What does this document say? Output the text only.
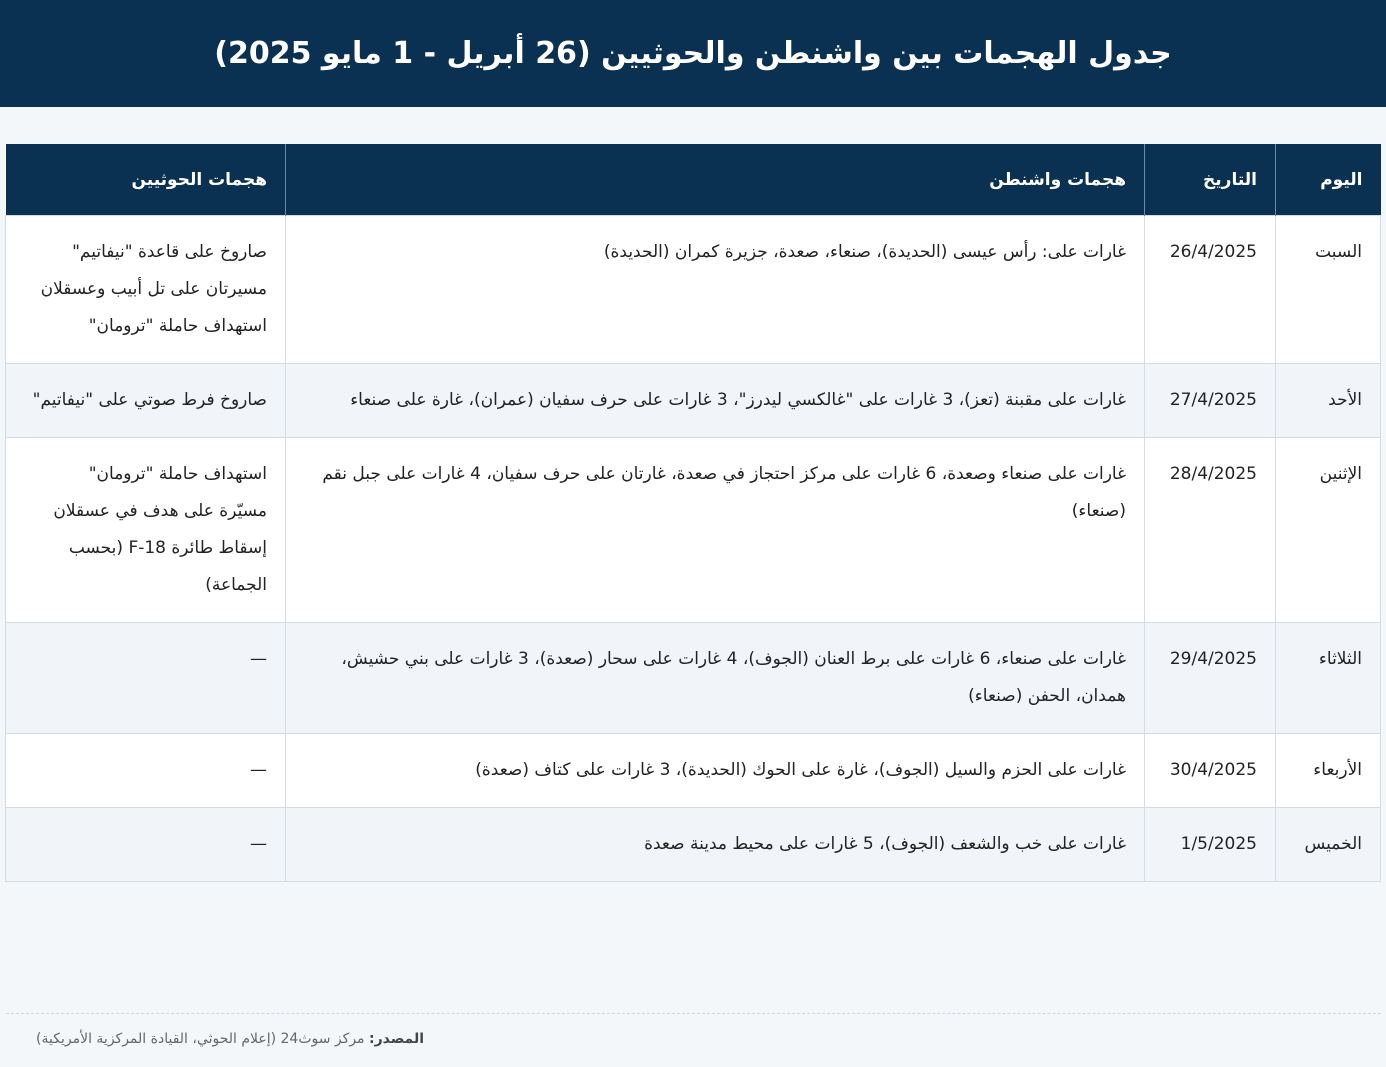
جدول الهجمات بين واشنطن والحوثيين (26 أبريل - 1 مايو 2025)
اليوم	التاريخ	هجمات واشنطن	هجمات الحوثيين
السبت	26/4/2025	غارات على: رأس عيسى (الحديدة)، صنعاء، صعدة، جزيرة كمران (الحديدة)	صاروخ على قاعدة "نيفاتيم"
مسيرتان على تل أبيب وعسقلان
استهداف حاملة "ترومان"

الأحد	27/4/2025	غارات على مقبنة (تعز)، 3 غارات على "غالكسي ليدرز"، 3 غارات على حرف سفيان (عمران)، غارة على صنعاء	صاروخ فرط صوتي على "نيفاتيم"

الإثنين	28/4/2025	غارات على صنعاء وصعدة، 6 غارات على مركز احتجاز في صعدة، غارتان على حرف سفيان، 4 غارات على جبل نقم (صنعاء)	استهداف حاملة "ترومان"
مسيّرة على هدف في عسقلان
إسقاط طائرة F-18 (بحسب الجماعة)

الثلاثاء	29/4/2025	غارات على صنعاء، 6 غارات على برط العنان (الجوف)، 4 غارات على سحار (صعدة)، 3 غارات على بني حشيش، همدان، الحفن (صنعاء)	—

الأربعاء	30/4/2025	غارات على الحزم والسيل (الجوف)، غارة على الحوك (الحديدة)، 3 غارات على كتاف (صعدة)	—

الخميس	1/5/2025	غارات على خب والشعف (الجوف)، 5 غارات على محيط مدينة صعدة	—
المصدر: مركز سوث24 (إعلام الحوثي، القيادة المركزية الأمريكية)
